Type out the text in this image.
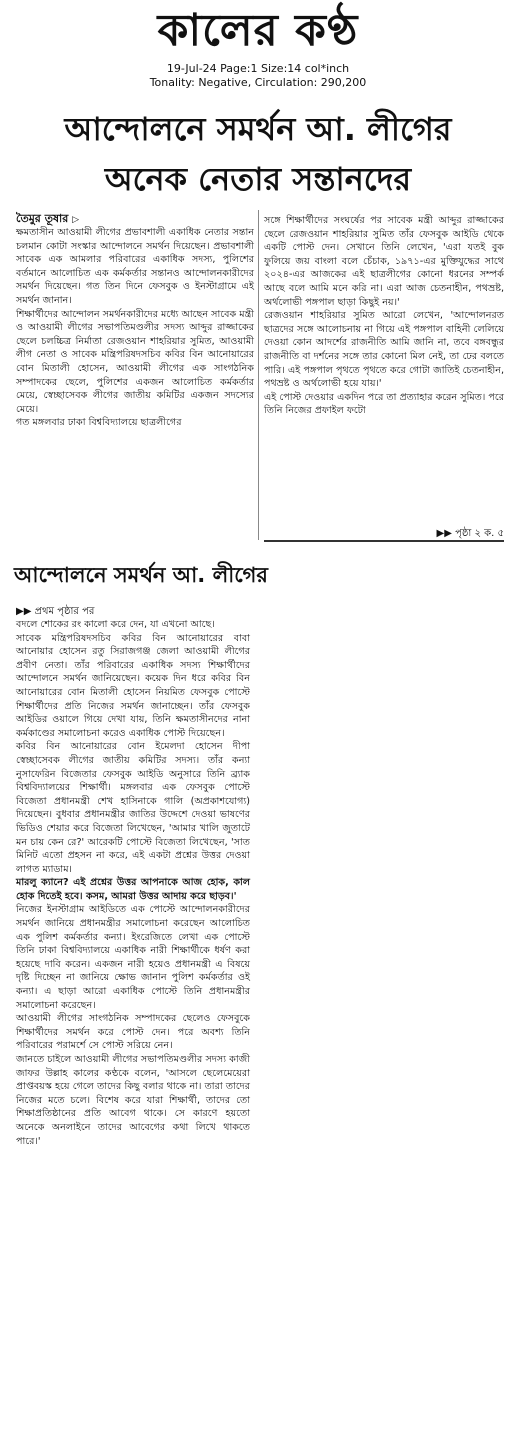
কালের কণ্ঠ
19-Jul-24 Page:1 Size:14 col*inch
Tonality: Negative, Circulation: 290,200
আন্দোলনে সমর্থন আ. লীগের
অনেক নেতার সন্তানদের
তৈমুর তূষার ▷

ক্ষমতাসীন আওয়ামী লীগের প্রভাবশালী একাধিক নেতার সন্তান চলমান কোটা সংস্কার আন্দোলনে সমর্থন দিয়েছেন। প্রভাবশালী সাবেক এক আমলার পরিবারের একাধিক সদস্য, পুলিশের বর্তমানে আলোচিত এক কর্মকর্তার সন্তানও আন্দোলনকারীদের সমর্থন দিয়েছেন। গত তিন দিনে ফেসবুক ও ইনস্টাগ্রামে এই সমর্থন জানান।

শিক্ষার্থীদের আন্দোলন সমর্থনকারীদের মধ্যে আছেন সাবেক মন্ত্রী ও আওয়ামী লীগের সভাপতিমণ্ডলীর সদস্য আব্দুর রাজ্জাকের ছেলে চলচ্চিত্র নির্মাতা রেজওয়ান শাহরিয়ার সুমিত, আওয়ামী লীগ নেতা ও সাবেক মন্ত্রিপরিষদসচিব কবির বিন আনোয়ারের বোন মিতালী হোসেন, আওয়ামী লীগের এক সাংগঠনিক সম্পাদকের ছেলে, পুলিশের একজন আলোচিত কর্মকর্তার মেয়ে, স্বেচ্ছাসেবক লীগের জাতীয় কমিটির একজন সদস্যের মেয়ে।

গত মঙ্গলবার ঢাকা বিশ্ববিদ্যালয়ে ছাত্রলীগের

সঙ্গে শিক্ষার্থীদের সংঘর্ষের পর সাবেক মন্ত্রী আব্দুর রাজ্জাকের ছেলে রেজওয়ান শাহরিয়ার সুমিত তাঁর ফেসবুক আইডি থেকে একটি পোস্ট দেন। সেখানে তিনি লেখেন, 'এরা যতই বুক ফুলিয়ে জয় বাংলা বলে চেঁচাক, ১৯৭১-এর মুক্তিযুদ্ধের সাথে ২০২৪-এর আজকের এই ছাত্রলীগের কোনো ধরনের সম্পর্ক আছে বলে আমি মনে করি না। এরা আজ চেতনাহীন, পথভ্রষ্ট, অর্থলোভী পঙ্গপাল ছাড়া কিছুই নয়।'

রেজওয়ান শাহরিয়ার সুমিত আরো লেখেন, 'আন্দোলনরত ছাত্রদের সঙ্গে আলোচনায় না গিয়ে এই পঙ্গপাল বাহিনী লেলিয়ে দেওয়া কোন আদর্শের রাজনীতি আমি জানি না, তবে বঙ্গবন্ধুর রাজনীতি বা দর্শনের সঙ্গে তার কোনো মিল নেই, তা ঢের বলতে পারি। এই পঙ্গপাল পৃথতে পৃথতে করে গোটা জাতিই চেতনাহীন, পথভ্রষ্ট ও অর্থলোভী হয়ে যায়।'

এই পোস্ট দেওয়ার একদিন পরে তা প্রত্যাহার করেন সুমিত। পরে তিনি নিজের প্রফাইল ফটো

▶▶ পৃষ্ঠা ২ ক. ৫
আন্দোলনে সমর্থন আ. লীগের
▶▶ প্রথম পৃষ্ঠার পর

বদলে শোকের রং কালো করে দেন, যা এখনো আছে।

সাবেক মন্ত্রিপরিষদসচিব কবির বিন আনোয়ারের বাবা আনোয়ার হোসেন রতু সিরাজগঞ্জ জেলা আওয়ামী লীগের প্রবীণ নেতা। তাঁর পরিবারের একাধিক সদস্য শিক্ষার্থীদের আন্দোলনে সমর্থন জানিয়েছেন। কয়েক দিন ধরে কবির বিন আনোয়ারের বোন মিতালী হোসেন নিয়মিত ফেসবুক পোস্টে শিক্ষার্থীদের প্রতি নিজের সমর্থন জানাচ্ছেন। তাঁর ফেসবুক আইডির ওয়ালে গিয়ে দেখা যায়, তিনি ক্ষমতাসীনদের নানা কর্মকাণ্ডের সমালোচনা করেও একাধিক পোস্ট দিয়েছেন।

কবির বিন আনোয়ারের বোন ইমেলদা হোসেন দীপা স্বেচ্ছাসেবক লীগের জাতীয় কমিটির সদস্য। তাঁর কন্যা নুসাফেরিন বিজেতার ফেসবুক আইডি অনুসারে তিনি ব্র্যাক বিশ্ববিদ্যালয়ের শিক্ষার্থী। মঙ্গলবার এক ফেসবুক পোস্টে বিজেতা প্রধানমন্ত্রী শেখ হাসিনাকে গালি (অপ্রকাশযোগ্য) দিয়েছেন। বুধবার প্রধানমন্ত্রীর জাতির উদ্দেশে দেওয়া ভাষণের ভিডিও শেয়ার করে বিজেতা লিখেছেন, 'আমার খালি জুতাটে মন চায় কেন রে?' আরেকটি পোস্টে বিজেতা লিখেছেন, 'সাত মিনিট এতো প্রহসন না করে, এই একটা প্রশ্নের উত্তর দেওয়া লাগত ম্যাডাম।

মারলু ক্যানে? এই প্রশ্নের উত্তর আপনাকে আজ হোক, কাল হোক দিতেই হবে। কসম, আমরা উত্তর আদায় করে ছাড়ব।'

নিজের ইনস্টাগ্রাম আইডিতে এক পোস্টে আন্দোলনকারীদের সমর্থন জানিয়ে প্রধানমন্ত্রীর সমালোচনা করেছেন আলোচিত এক পুলিশ কর্মকর্তার কন্যা। ইংরেজিতে লেখা এক পোস্টে তিনি ঢাকা বিশ্ববিদ্যালয়ে একাধিক নারী শিক্ষার্থীকে ধর্ষণ করা হয়েছে দাবি করেন। একজন নারী হয়েও প্রধানমন্ত্রী এ বিষয়ে দৃষ্টি দিচ্ছেন না জানিয়ে ক্ষোভ জানান পুলিশ কর্মকর্তার ওই কন্যা। এ ছাড়া আরো একাধিক পোস্টে তিনি প্রধানমন্ত্রীর সমালোচনা করেছেন।

আওয়ামী লীগের সাংগঠনিক সম্পাদকের ছেলেও ফেসবুকে শিক্ষার্থীদের সমর্থন করে পোস্ট দেন। পরে অবশ্য তিনি পরিবারের পরামর্শে সে পোস্ট সরিয়ে নেন।

জানতে চাইলে আওয়ামী লীগের সভাপতিমণ্ডলীর সদস্য কাজী জাফর উল্লাহ কালের কণ্ঠকে বলেন, 'আসলে ছেলেমেয়েরা প্রাপ্তবয়স্ক হয়ে গেলে তাদের কিছু বলার থাকে না। তারা তাদের নিজের মতে চলে। বিশেষ করে যারা শিক্ষার্থী, তাদের তো শিক্ষাপ্রতিষ্ঠানের প্রতি আবেগ থাকে। সে কারণে হয়তো অনেকে অনলাইনে তাদের আবেগের কথা লিখে থাকতে পারে।'
